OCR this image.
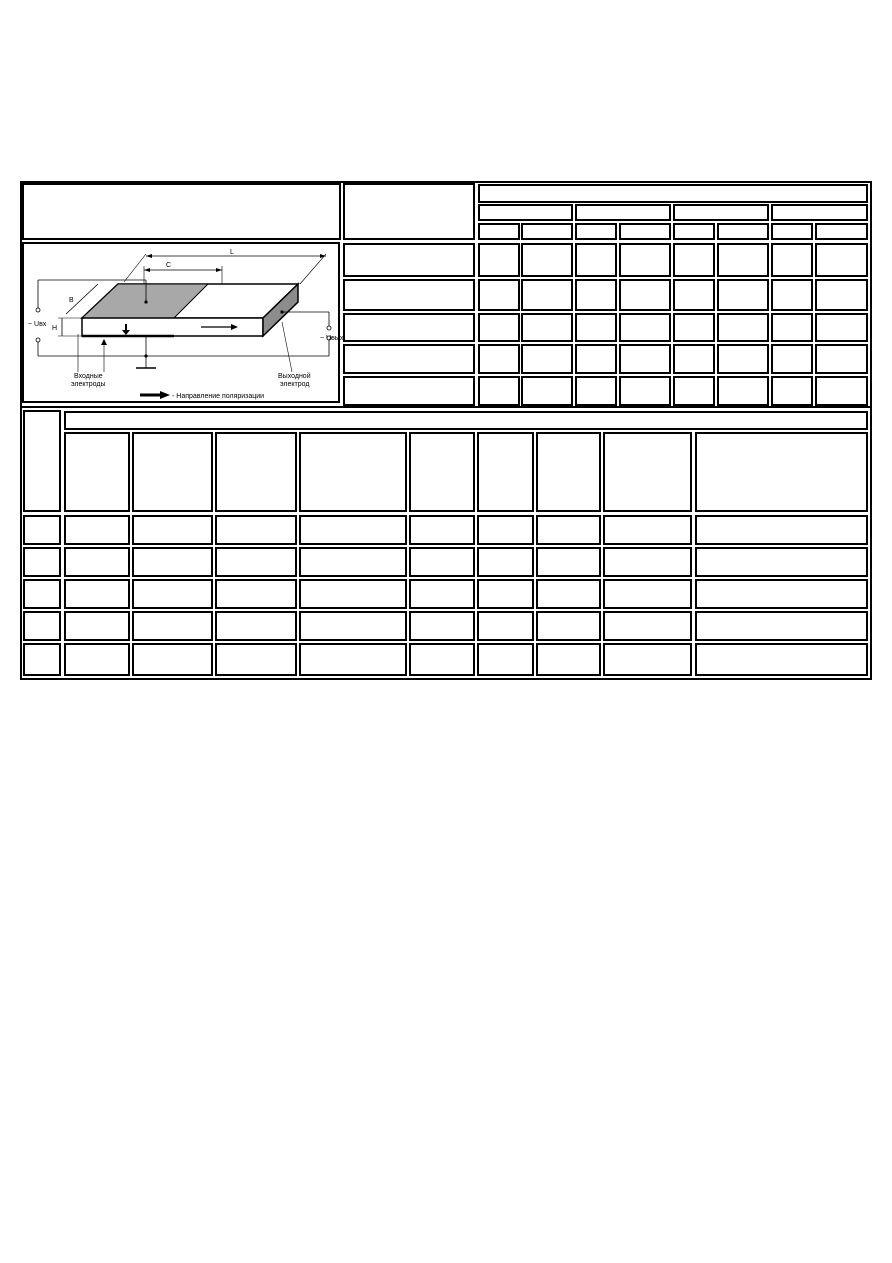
C
L
B
H
~ Uвх
~ Uвых
Входные
электроды
Выходной
электрод
- Направление поляризации
